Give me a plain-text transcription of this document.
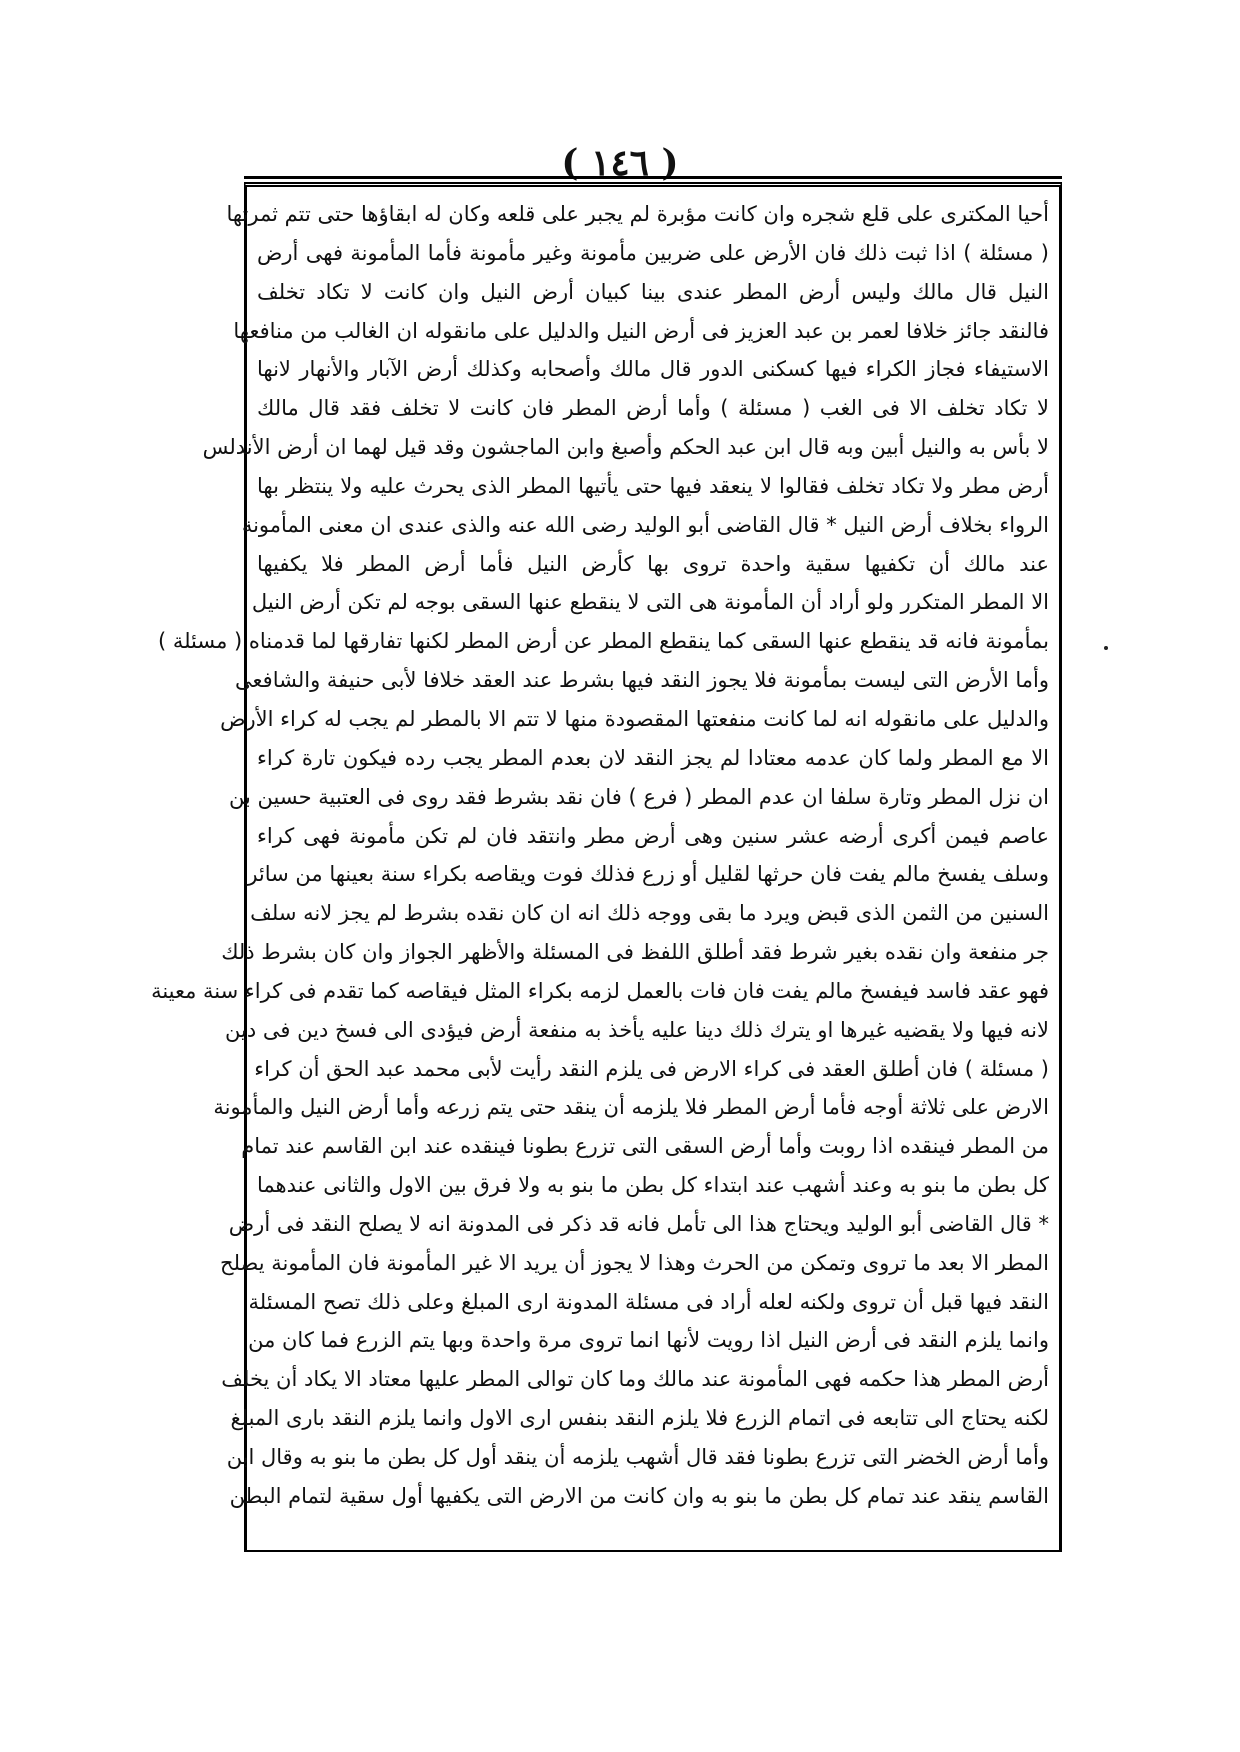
( ١٤٦ )
أحيا المكترى على قلع شجره وان كانت مؤبرة لم يجبر على قلعه وكان له ابقاؤها حتى تتم ثمرتها
( مسئلة ) اذا ثبت ذلك فان الأرض على ضربين مأمونة وغير مأمونة فأما المأمونة فهى أرض
النيل قال مالك وليس أرض المطر عندى بينا كبيان أرض النيل وان كانت لا تكاد تخلف
فالنقد جائز خلافا لعمر بن عبد العزيز فى أرض النيل والدليل على مانقوله ان الغالب من منافعها
الاستيفاء فجاز الكراء فيها كسكنى الدور قال مالك وأصحابه وكذلك أرض الآبار والأنهار لانها
لا تكاد تخلف الا فى الغب ( مسئلة ) وأما أرض المطر فان كانت لا تخلف فقد قال مالك
لا بأس به والنيل أبين وبه قال ابن عبد الحكم وأصبغ وابن الماجشون وقد قيل لهما ان أرض الأندلس
أرض مطر ولا تكاد تخلف فقالوا لا ينعقد فيها حتى يأتيها المطر الذى يحرث عليه ولا ينتظر بها
الرواء بخلاف أرض النيل * قال القاضى أبو الوليد رضى الله عنه والذى عندى ان معنى المأمونة
عند مالك أن تكفيها سقية واحدة تروى بها كأرض النيل فأما أرض المطر فلا يكفيها
الا المطر المتكرر ولو أراد أن المأمونة هى التى لا ينقطع عنها السقى بوجه لم تكن أرض النيل
بمأمونة فانه قد ينقطع عنها السقى كما ينقطع المطر عن أرض المطر لكنها تفارقها لما قدمناه ( مسئلة )
وأما الأرض التى ليست بمأمونة فلا يجوز النقد فيها بشرط عند العقد خلافا لأبى حنيفة والشافعى
والدليل على مانقوله انه لما كانت منفعتها المقصودة منها لا تتم الا بالمطر لم يجب له كراء الأرض
الا مع المطر ولما كان عدمه معتادا لم يجز النقد لان بعدم المطر يجب رده فيكون تارة كراء
ان نزل المطر وتارة سلفا ان عدم المطر ( فرع ) فان نقد بشرط فقد روى فى العتبية حسين بن
عاصم فيمن أكرى أرضه عشر سنين وهى أرض مطر وانتقد فان لم تكن مأمونة فهى كراء
وسلف يفسخ مالم يفت فان حرثها لقليل أو زرع فذلك فوت ويقاصه بكراء سنة بعينها من سائر
السنين من الثمن الذى قبض ويرد ما بقى ووجه ذلك انه ان كان نقده بشرط لم يجز لانه سلف
جر منفعة وان نقده بغير شرط فقد أطلق اللفظ فى المسئلة والأظهر الجواز وان كان بشرط ذلك
فهو عقد فاسد فيفسخ مالم يفت فان فات بالعمل لزمه بكراء المثل فيقاصه كما تقدم فى كراء سنة معينة
لانه فيها ولا يقضيه غيرها او يترك ذلك دينا عليه يأخذ به منفعة أرض فيؤدى الى فسخ دين فى دين
( مسئلة ) فان أطلق العقد فى كراء الارض فى يلزم النقد رأيت لأبى محمد عبد الحق أن كراء
الارض على ثلاثة أوجه فأما أرض المطر فلا يلزمه أن ينقد حتى يتم زرعه وأما أرض النيل والمأمونة
من المطر فينقده اذا روبت وأما أرض السقى التى تزرع بطونا فينقده عند ابن القاسم عند تمام
كل بطن ما بنو به وعند أشهب عند ابتداء كل بطن ما بنو به ولا فرق بين الاول والثانى عندهما
* قال القاضى أبو الوليد ويحتاج هذا الى تأمل فانه قد ذكر فى المدونة انه لا يصلح النقد فى أرض
المطر الا بعد ما تروى وتمكن من الحرث وهذا لا يجوز أن يريد الا غير المأمونة فان المأمونة يصلح
النقد فيها قبل أن تروى ولكنه لعله أراد فى مسئلة المدونة ارى المبلغ وعلى ذلك تصح المسئلة
وانما يلزم النقد فى أرض النيل اذا رويت لأنها انما تروى مرة واحدة وبها يتم الزرع فما كان من
أرض المطر هذا حكمه فهى المأمونة عند مالك وما كان توالى المطر عليها معتاد الا يكاد أن يخلف
لكنه يحتاج الى تتابعه فى اتمام الزرع فلا يلزم النقد بنفس ارى الاول وانما يلزم النقد بارى المبلغ
وأما أرض الخضر التى تزرع بطونا فقد قال أشهب يلزمه أن ينقد أول كل بطن ما بنو به وقال ابن
القاسم ينقد عند تمام كل بطن ما بنو به وان كانت من الارض التى يكفيها أول سقية لتمام البطن
